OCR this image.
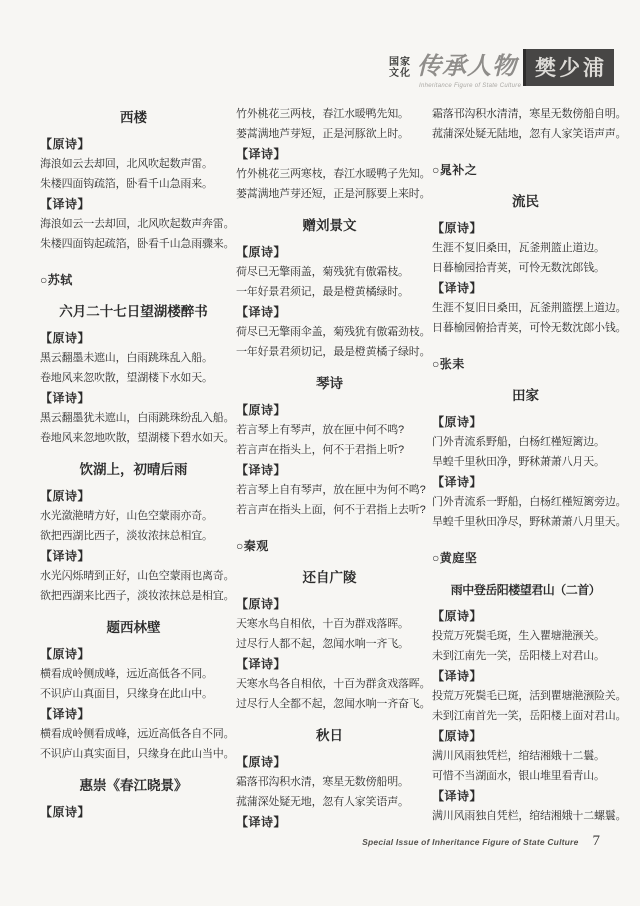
国家
文化 传承人物
Inheritance Figure of State Culture
樊少浦
西楼
【原诗】
海浪如云去却回，北风吹起数声雷。
朱楼四面钩疏箔，卧看千山急雨来。
【译诗】
海浪如云一去却回，北风吹起数声奔雷。
朱楼四面钩起疏箔，卧看千山急雨骤来。
○苏轼
六月二十七日望湖楼醉书
【原诗】
黑云翻墨未遮山，白雨跳珠乱入船。
卷地风来忽吹散，望湖楼下水如天。
【译诗】
黑云翻墨犹未遮山，白雨跳珠纷乱入船。
卷地风来忽地吹散，望湖楼下碧水如天。
饮湖上，初晴后雨
【原诗】
水光潋滟晴方好，山色空蒙雨亦奇。
欲把西湖比西子，淡妆浓抹总相宜。
【译诗】
水光闪烁晴到正好，山色空蒙雨也离奇。
欲把西湖来比西子，淡妆浓抹总是相宜。
题西林壁
【原诗】
横看成岭侧成峰，远近高低各不同。
不识庐山真面目，只缘身在此山中。
【译诗】
横看成岭侧看成峰，远近高低各自不同。
不识庐山真实面目，只缘身在此山当中。
惠崇《春江晓景》
【原诗】
竹外桃花三两枝，春江水暖鸭先知。
蒌蒿满地芦芽短，正是河豚欲上时。
【译诗】
竹外桃花三两寒枝，春江水暖鸭子先知。
蒌蒿满地芦芽还短，正是河豚要上来时。
赠刘景文
【原诗】
荷尽已无擎雨盖，菊残犹有傲霜枝。
一年好景君须记，最是橙黄橘绿时。
【译诗】
荷尽已无擎雨伞盖，菊残犹有傲霜劲枝。
一年好景君须切记，最是橙黄橘子绿时。
琴诗
【原诗】
若言琴上有琴声，放在匣中何不鸣?
若言声在指头上，何不于君指上听?
【译诗】
若言琴上自有琴声，放在匣中为何不鸣?
若言声在指头上面，何不于君指上去听?
○秦观
还自广陵
【原诗】
天寒水鸟自相依，十百为群戏落晖。
过尽行人都不起，忽闻水响一齐飞。
【译诗】
天寒水鸟各自相依，十百为群贪戏落晖。
过尽行人全都不起，忽闻水响一齐奋飞。
秋日
【原诗】
霜落邗沟积水清，寒星无数傍船明。
菰蒲深处疑无地，忽有人家笑语声。
【译诗】
霜落邗沟积水清清，寒星无数傍船自明。
菰蒲深处疑无陆地，忽有人家笑语声声。
○晁补之
流民
【原诗】
生涯不复旧桑田，瓦釜荆篮止道边。
日暮榆园拾青荚，可怜无数沈郎钱。
【译诗】
生涯不复旧日桑田，瓦釜荆篮摆上道边。
日暮榆园俯拾青荚，可怜无数沈郎小钱。
○张耒
田家
【原诗】
门外青流系野船，白杨红槿短篱边。
旱蝗千里秋田净，野秫萧萧八月天。
【译诗】
门外青流系一野船，白杨红槿短篱旁边。
旱蝗千里秋田净尽，野秫萧萧八月里天。
○黄庭坚
雨中登岳阳楼望君山（二首）
【原诗】
投荒万死鬓毛斑，生入瞿塘滟滪关。
未到江南先一笑，岳阳楼上对君山。
【译诗】
投荒万死鬓毛已斑，活到瞿塘滟滪险关。
未到江南首先一笑，岳阳楼上面对君山。
【原诗】
满川风雨独凭栏，绾结湘娥十二鬟。
可惜不当湖面水，银山堆里看青山。
【译诗】
满川风雨独自凭栏，绾结湘娥十二螺鬟。
Special Issue of Inheritance Figure of State Culture 7
